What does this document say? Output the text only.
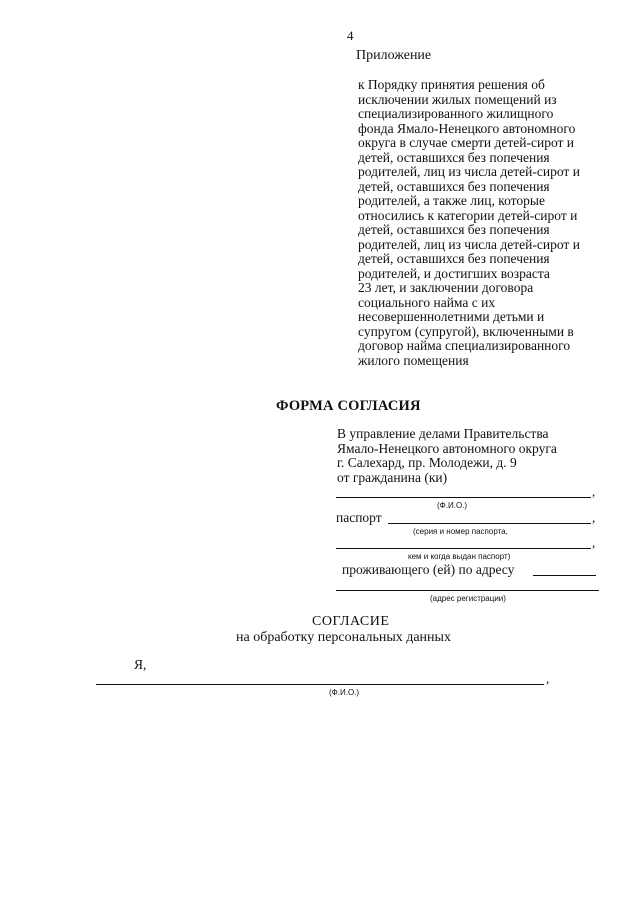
4
Приложение
к Порядку принятия решения об
исключении жилых помещений из
специализированного жилищного
фонда Ямало-Ненецкого автономного
округа в случае смерти детей-сирот и
детей, оставшихся без попечения
родителей, лиц из числа детей-сирот и
детей, оставшихся без попечения
родителей, а также лиц, которые
относились к категории детей-сирот и
детей, оставшихся без попечения
родителей, лиц из числа детей-сирот и
детей, оставшихся без попечения
родителей, и достигших возраста
23 лет, и заключении договора
социального найма с их
несовершеннолетними детьми и
супругом (супругой), включенными в
договор найма специализированного
жилого помещения
ФОРМА СОГЛАСИЯ
В управление делами Правительства
Ямало-Ненецкого автономного округа
г. Салехард, пр. Молодежи, д. 9
от гражданина (ки)
,
(Ф.И.О.)
паспорт	,
(серия и номер паспорта,
,
кем и когда выдан паспорт)
проживающего (ей) по адресу
(адрес регистрации)
СОГЛАСИЕ
на обработку персональных данных
Я,
,
(Ф.И.О.)
